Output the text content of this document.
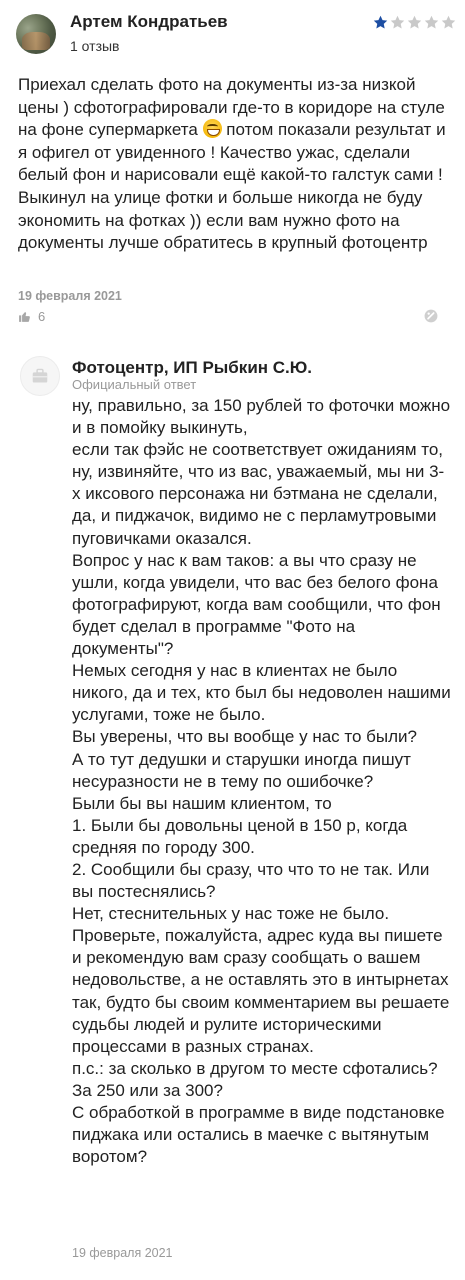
Артем Кондратьев
1 отзыв
Приехал сделать фото на документы из-за низкой цены ) сфотографировали где-то в коридоре на стуле на фоне супермаркета  потом показали результат и я офигел от увиденного ! Качество ужас, сделали белый фон и нарисовали ещё какой-то галстук сами ! Выкинул на улице фотки и больше никогда не буду экономить на фотках )) если вам нужно фото на документы лучше обратитесь в крупный фотоцентр
19 февраля 2021
6
Фотоцентр, ИП Рыбкин С.Ю.
Официальный ответ
ну, правильно, за 150 рублей то фоточки можно и в помойку выкинуть,
если так фэйс не соответствует ожиданиям то,
ну, извиняйте, что из вас, уважаемый, мы ни 3-х иксового персонажа ни бэтмана не сделали, да, и пиджачок, видимо не с перламутровыми пуговичками оказался.
Вопрос у нас к вам таков: а вы что сразу не ушли, когда увидели, что вас без белого фона фотографируют, когда вам сообщили, что фон будет сделал в программе "Фото на документы"?
Немых сегодня у нас в клиентах не было никого, да и тех, кто был бы недоволен нашими услугами, тоже не было.
Вы уверены, что вы вообще у нас то были?
А то тут дедушки и старушки иногда пишут несуразности не в тему по ошибочке?
Были бы вы нашим клиентом, то
1. Были бы довольны ценой в 150 р, когда средняя по городу 300.
2. Сообщили бы сразу, что что то не так. Или вы постеснялись?
Нет, стеснительных у нас тоже не было.
Проверьте, пожалуйста, адрес куда вы пишете и рекомендую вам сразу сообщать о вашем недовольстве, а не оставлять это в интырнетах так, будто бы своим комментарием вы решаете судьбы людей и рулите историческими процессами в разных странах.
п.с.: за сколько в другом то месте сфотались?
За 250 или за 300?
С обработкой в программе в виде подстановке пиджака или остались в маечке с вытянутым воротом?
19 февраля 2021
